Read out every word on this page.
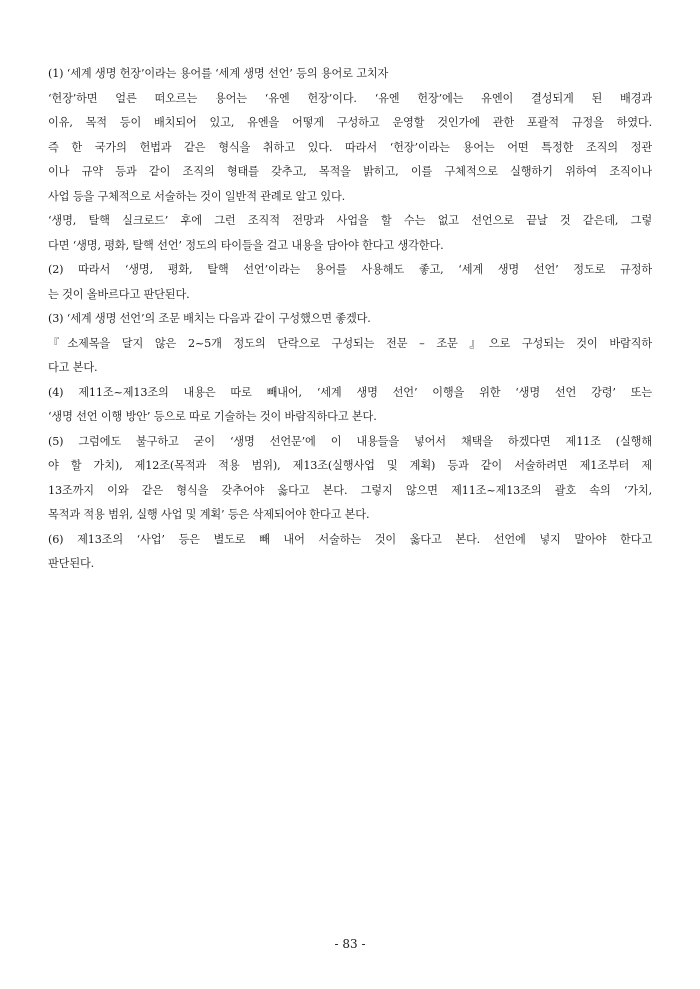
(1) ‘세계 생명 헌장’이라는 용어를 ‘세계 생명 선언’ 등의 용어로 고치자
‘헌장’하면 얼른 떠오르는 용어는 ‘유엔 헌장’이다. ‘유엔 헌장’에는 유엔이 결성되게 된 배경과
이유, 목적 등이 배치되어 있고, 유엔을 어떻게 구성하고 운영할 것인가에 관한 포괄적 규정을 하였다.
즉 한 국가의 헌법과 같은 형식을 취하고 있다. 따라서 ‘헌장’이라는 용어는 어떤 특정한 조직의 정관
이나 규약 등과 같이 조직의 형태를 갖추고, 목적을 밝히고, 이를 구체적으로 실행하기 위하여 조직이나
사업 등을 구체적으로 서술하는 것이 일반적 관례로 알고 있다.
‘생명, 탈핵 실크로드’ 후에 그런 조직적 전망과 사업을 할 수는 없고 선언으로 끝날 것 같은데, 그렇
다면 ‘생명, 평화, 탈핵 선언’ 정도의 타이들을 걸고 내용을 담아야 한다고 생각한다.
(2) 따라서 ‘생명, 평화, 탈핵 선언’이라는 용어를 사용해도 좋고, ‘세계 생명 선언’ 정도로 규정하
는 것이 올바르다고 판단된다.
(3) ‘세계 생명 선언’의 조문 배치는 다음과 같이 구성했으면 좋겠다.
『소제목을 달지 않은 2~5개 정도의 단락으로 구성되는 전문 – 조문 』으로 구성되는 것이 바람직하
다고 본다.
(4) 제11조~제13조의 내용은 따로 빼내어, ‘세계 생명 선언’ 이행을 위한 ‘생명 선언 강령’ 또는
‘생명 선언 이행 방안’ 등으로 따로 기술하는 것이 바람직하다고 본다.
(5) 그럼에도 불구하고 굳이 ‘생명 선언문’에 이 내용들을 넣어서 채택을 하겠다면 제11조 (실행해
야 할 가치), 제12조(목적과 적용 범위), 제13조(실행사업 및 계획) 등과 같이 서술하려면 제1조부터 제
13조까지 이와 같은 형식을 갖추어야 옳다고 본다. 그렇지 않으면 제11조~제13조의 괄호 속의 ‘가치,
목적과 적용 범위, 실행 사업 및 계획’ 등은 삭제되어야 한다고 본다.
(6) 제13조의 ‘사업’ 등은 별도로 빼 내어 서술하는 것이 옳다고 본다. 선언에 넣지 말아야 한다고
판단된다.
- 83 -
